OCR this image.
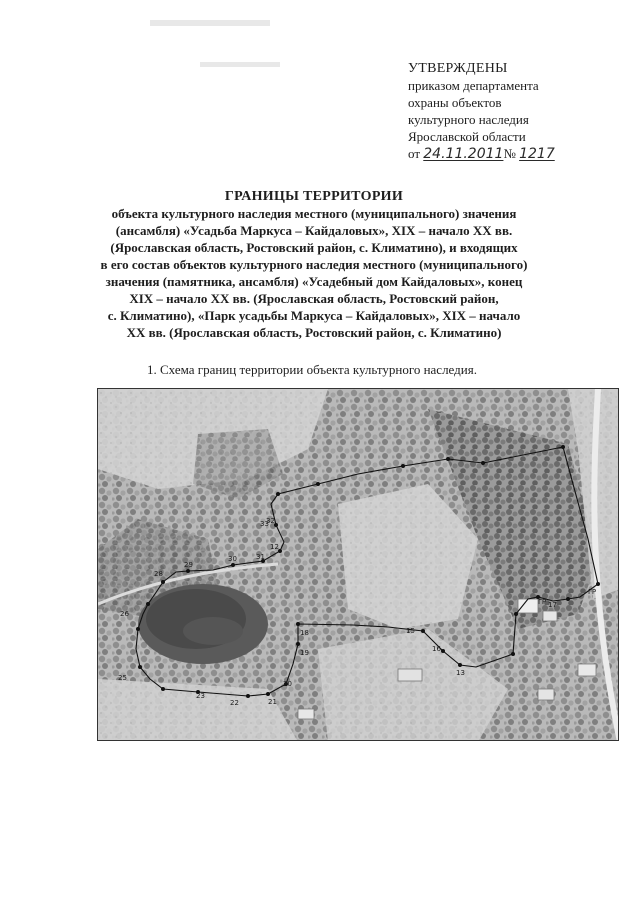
УТВЕРЖДЕНЫ
приказом департамента
охраны объектов
культурного наследия
Ярославской области
от 24.11.2011№ 1217
ГРАНИЦЫ ТЕРРИТОРИИ
объекта культурного наследия местного (муниципального) значения
(ансамбля) «Усадьба Маркуса – Кайдаловых», XIX – начало XX вв.
(Ярославская область, Ростовский район, с. Климатино), и входящих
в его состав объектов культурного наследия местного (муниципального)
значения (памятника, ансамбля) «Усадебный дом Кайдаловых», конец
XIX – начало XX вв. (Ярославская область, Ростовский район,
с. Климатино), «Парк усадьбы Маркуса – Кайдаловых», XIX – начало
XX вв. (Ярославская область, Ростовский район, с. Климатино)
1. Схема границ территории объекта культурного наследия.
12
13
15
16
17
18
19
20
21
22
23
25
26
28
29
30	31
32
33
ΓΡ
ΓΡ
